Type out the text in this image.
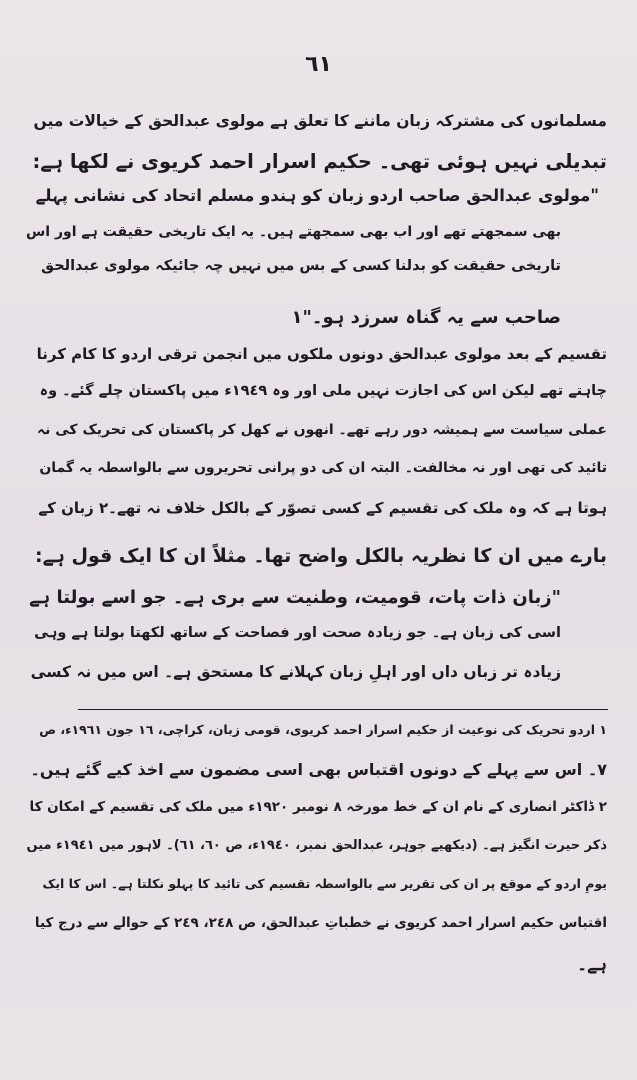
٦١
مسلمانوں کی مشترکہ زبان ماننے کا تعلق ہے مولوی عبدالحق کے خیالات میں
تبدیلی نہیں ہوئی تھی۔ حکیم اسرار احمد کریوی نے لکھا ہے:
"مولوی عبدالحق صاحب اردو زبان کو ہندو مسلم اتحاد کی نشانی پہلے
بھی سمجھتے تھے اور اب بھی سمجھتے ہیں۔ یہ ایک تاریخی حقیقت ہے اور اس
تاریخی حقیقت کو بدلنا کسی کے بس میں نہیں چہ جائیکہ مولوی عبدالحق
صاحب سے یہ گناہ سرزد ہو۔"١
تقسیم کے بعد مولوی عبدالحق دونوں ملکوں میں انجمن ترقی اردو کا کام کرنا
چاہتے تھے لیکن اس کی اجازت نہیں ملی اور وہ ١٩٤٩ء میں پاکستان چلے گئے۔ وہ
عملی سیاست سے ہمیشہ دور رہے تھے۔ انھوں نے کھل کر پاکستان کی تحریک کی نہ
تائید کی تھی اور نہ مخالفت۔ البتہ ان کی دو پرانی تحریروں سے بالواسطہ یہ گمان
ہوتا ہے کہ وہ ملک کی تقسیم کے کسی تصوّر کے بالکل خلاف نہ تھے۔٢ زبان کے
بارے میں ان کا نظریہ بالکل واضح تھا۔ مثلاً ان کا ایک قول ہے:
"زبان ذات پات، قومیت، وطنیت سے بری ہے۔ جو اسے بولتا ہے
اسی کی زبان ہے۔ جو زیادہ صحت اور فصاحت کے ساتھ لکھتا بولتا ہے وہی
زیادہ تر زباں داں اور اہلِ زبان کہلانے کا مستحق ہے۔ اس میں نہ کسی
١ اردو تحریک کی نوعیت از حکیم اسرار احمد کریوی، قومی زبان، کراچی، ١٦ جون ١٩٦١ء، ص
٧۔ اس سے پہلے کے دونوں اقتباس بھی اسی مضمون سے اخذ کیے گئے ہیں۔
٢ ڈاکٹر انصاری کے نام ان کے خط مورخہ ٨ نومبر ١٩٢٠ء میں ملک کی تقسیم کے امکان کا
ذکر حیرت انگیز ہے۔ (دیکھیے جوہر، عبدالحق نمبر، ١٩٤٠ء، ص ٦٠، ٦١)۔ لاہور میں ١٩٤١ء میں
یومِ اردو کے موقع پر ان کی تقریر سے بالواسطہ تقسیم کی تائید کا پہلو نکلتا ہے۔ اس کا ایک
اقتباس حکیم اسرار احمد کریوی نے خطباتِ عبدالحق، ص ٢٤٨، ٢٤٩ کے حوالے سے درج کیا
ہے۔
